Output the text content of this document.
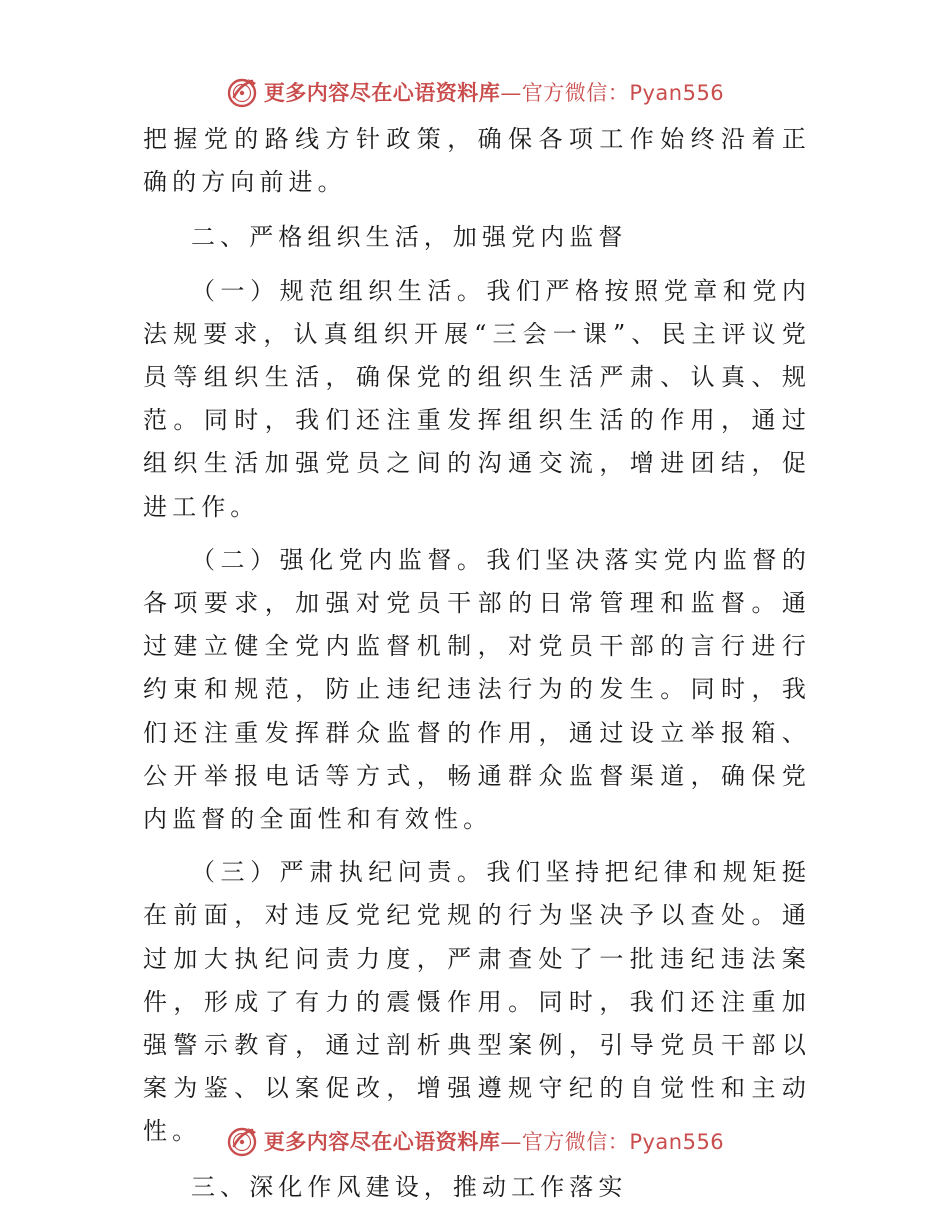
更多内容尽在心语资料库—官方微信：Pyan556

把握党的路线方针政策，确保各项工作始终沿着正确的方向前进。

二、严格组织生活，加强党内监督

（一）规范组织生活。我们严格按照党章和党内法规要求，认真组织开展“三会一课”、民主评议党员等组织生活，确保党的组织生活严肃、认真、规范。同时，我们还注重发挥组织生活的作用，通过组织生活加强党员之间的沟通交流，增进团结，促进工作。

（二）强化党内监督。我们坚决落实党内监督的各项要求，加强对党员干部的日常管理和监督。通过建立健全党内监督机制，对党员干部的言行进行约束和规范，防止违纪违法行为的发生。同时，我们还注重发挥群众监督的作用，通过设立举报箱、公开举报电话等方式，畅通群众监督渠道，确保党内监督的全面性和有效性。

（三）严肃执纪问责。我们坚持把纪律和规矩挺在前面，对违反党纪党规的行为坚决予以查处。通过加大执纪问责力度，严肃查处了一批违纪违法案件，形成了有力的震慑作用。同时，我们还注重加强警示教育，通过剖析典型案例，引导党员干部以案为鉴、以案促改，增强遵规守纪的自觉性和主动性。

三、深化作风建设，推动工作落实

更多内容尽在心语资料库—官方微信：Pyan556
